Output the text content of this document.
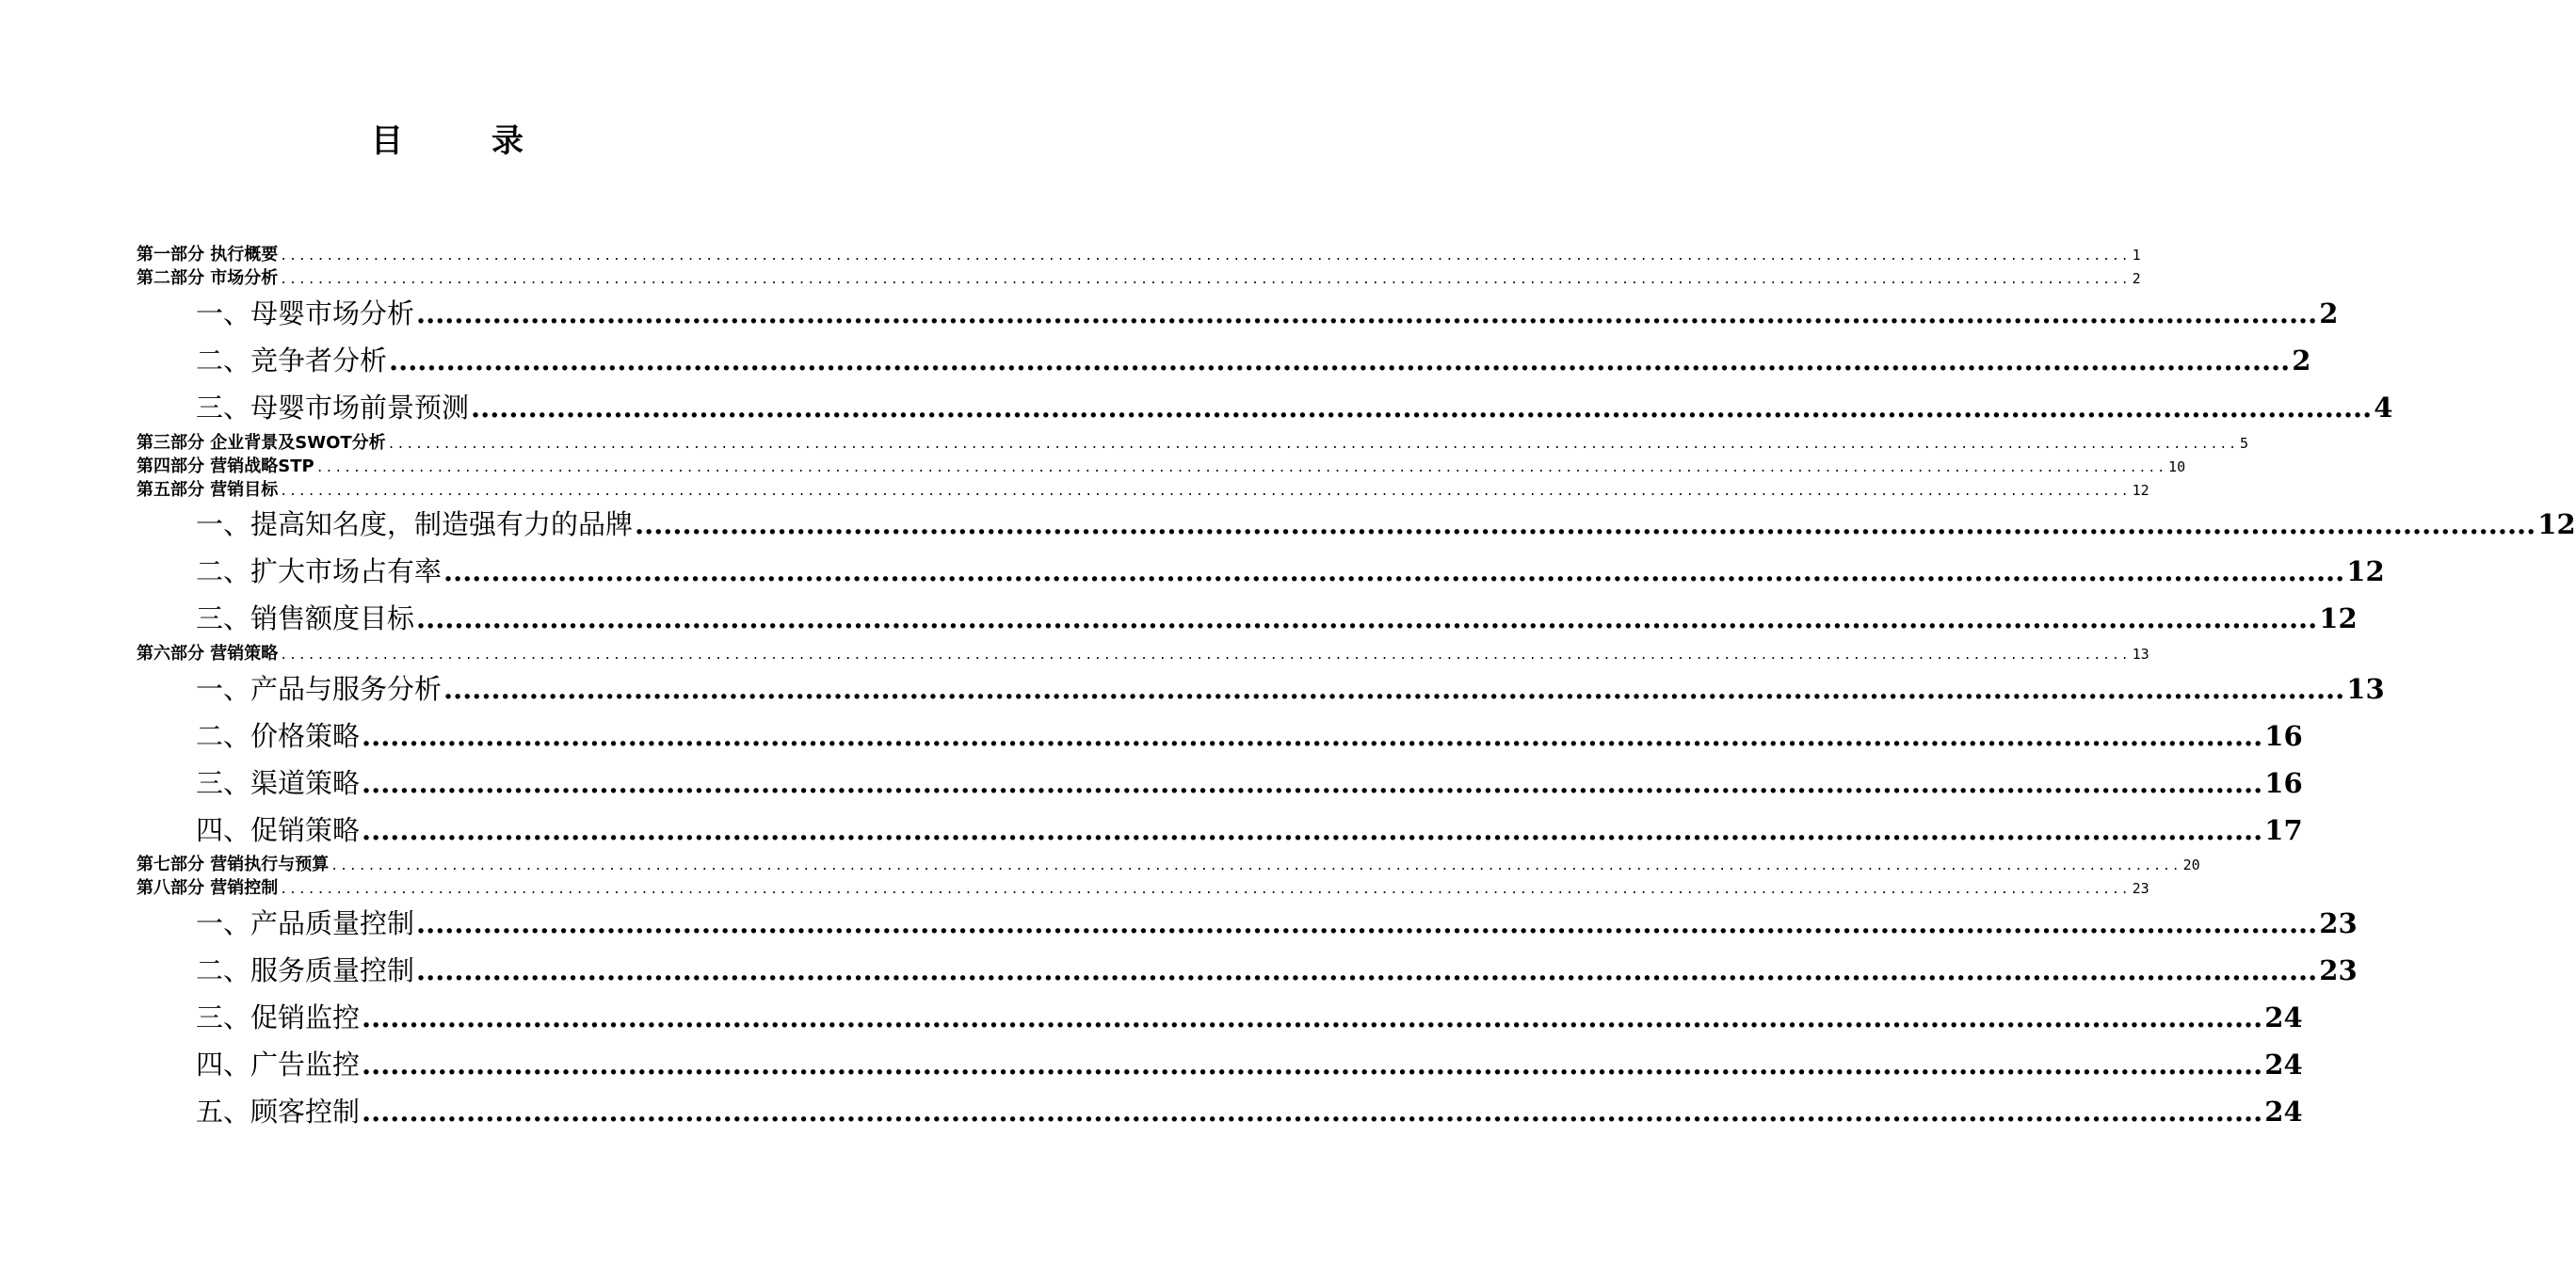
目　录
第一部分 执行概要 ........................................................................................................................................................................................................ 1
第二部分 市场分析 ........................................................................................................................................................................................................ 2
一、母婴市场分析 ........................................................................................................................................................................................................ 2
二、竞争者分析 ........................................................................................................................................................................................................ 2
三、母婴市场前景预测 ........................................................................................................................................................................................................ 4
第三部分 企业背景及SWOT分析 ........................................................................................................................................................................................................ 5
第四部分 营销战略STP ........................................................................................................................................................................................................ 10
第五部分 营销目标 ........................................................................................................................................................................................................ 12
一、提高知名度，制造强有力的品牌 ........................................................................................................................................................................................................ 12
二、扩大市场占有率 ........................................................................................................................................................................................................ 12
三、销售额度目标 ........................................................................................................................................................................................................ 12
第六部分 营销策略 ........................................................................................................................................................................................................ 13
一、产品与服务分析 ........................................................................................................................................................................................................ 13
二、价格策略 ........................................................................................................................................................................................................ 16
三、渠道策略 ........................................................................................................................................................................................................ 16
四、促销策略 ........................................................................................................................................................................................................ 17
第七部分 营销执行与预算 ........................................................................................................................................................................................................ 20
第八部分 营销控制 ........................................................................................................................................................................................................ 23
一、产品质量控制 ........................................................................................................................................................................................................ 23
二、服务质量控制 ........................................................................................................................................................................................................ 23
三、促销监控 ........................................................................................................................................................................................................ 24
四、广告监控 ........................................................................................................................................................................................................ 24
五、顾客控制 ........................................................................................................................................................................................................ 24
